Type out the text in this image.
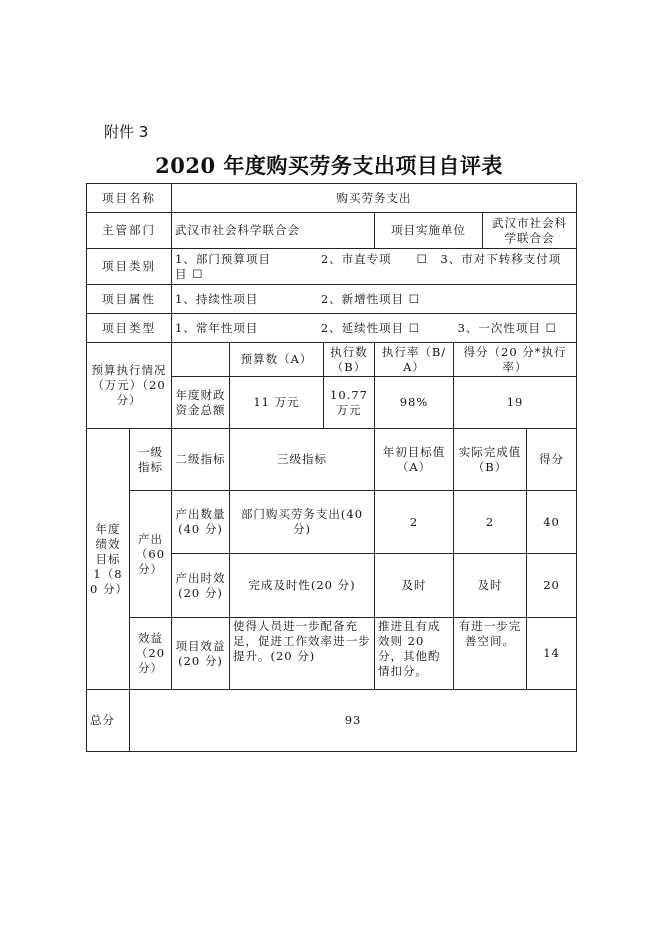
附件 3
2020 年度购买劳务支出项目自评表
项目名称		购买劳务支出						
主管部门		武汉市社会科学联合会			项目实施单位		武汉市社会科学联合会	
项目类别		1、部门预算项目　　　　2、市直专项　　☐　3、市对下转移支付项目 ☐						
项目属性		1、持续性项目　　　　　2、新增性项目 ☐						
项目类型		1、常年性项目　　　　　2、延续性项目 ☐　　　3、一次性项目 ☐						
预算执行情况（万元）（20 分）			预算数（A）	执行数（B）	执行率（B/A）	得分（20 分*执行率）		
		年度财政资金总额	11 万元	10.77 万元	98%	19		
年度绩效目标 1（80 分）	一级指标	二级指标	三级指标		年初目标值（A）	实际完成值（B）		得分
	产出（60 分）	产出数量(40 分)	部门购买劳务支出(40 分)		2	2		40
		产出时效(20 分)	完成及时性(20 分)		及时	及时		20
	效益（20 分）	项目效益(20 分)	使得人员进一步配备充足，促进工作效率进一步提升。(20 分)		推进且有成效则 20 分，其他酌情扣分。	有进一步完善空间。		14
总分	93							
